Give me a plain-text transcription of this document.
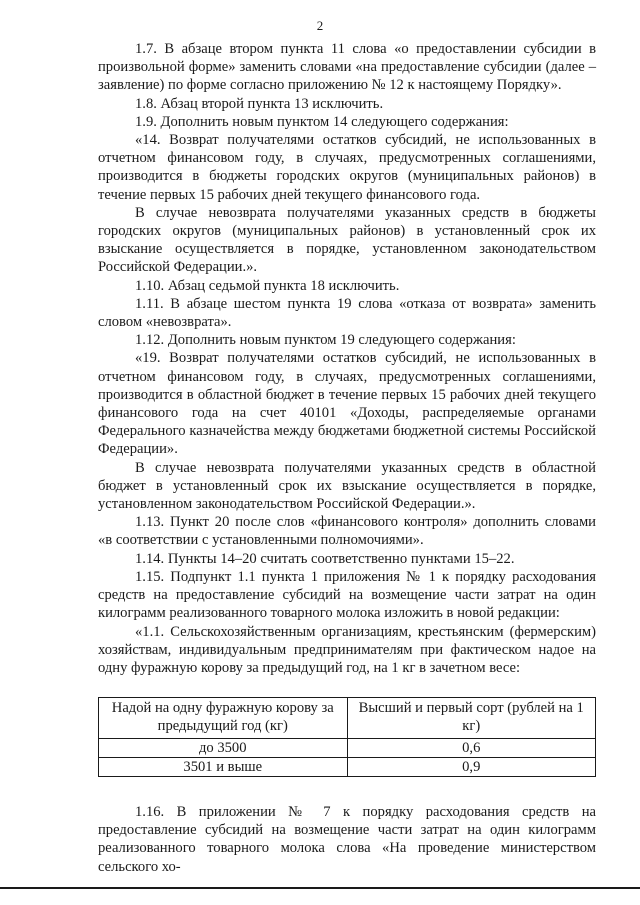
2

1.7. В абзаце втором пункта 11 слова «о предоставлении субсидии в произвольной форме» заменить словами «на предоставление субсидии (далее – заявление) по форме согласно приложению № 12 к настоящему Порядку».

1.8. Абзац второй пункта 13 исключить.

1.9. Дополнить новым пунктом 14 следующего содержания:

«14. Возврат получателями остатков субсидий, не использованных в отчетном финансовом году, в случаях, предусмотренных соглашениями, производится в бюджеты городских округов (муниципальных районов) в течение первых 15 рабочих дней текущего финансового года.

В случае невозврата получателями указанных средств в бюджеты городских округов (муниципальных районов) в установленный срок их взыскание осуществляется в порядке, установленном законодательством Российской Федерации.».

1.10. Абзац седьмой пункта 18 исключить.

1.11. В абзаце шестом пункта 19 слова «отказа от возврата» заменить словом «невозврата».

1.12. Дополнить новым пунктом 19 следующего содержания:

«19. Возврат получателями остатков субсидий, не использованных в отчетном финансовом году, в случаях, предусмотренных соглашениями, производится в областной бюджет в течение первых 15 рабочих дней текущего финансового года на счет 40101 «Доходы, распределяемые органами Федерального казначейства между бюджетами бюджетной системы Российской Федерации».

В случае невозврата получателями указанных средств в областной бюджет в установленный срок их взыскание осуществляется в порядке, установленном законодательством Российской Федерации.».

1.13. Пункт 20 после слов «финансового контроля» дополнить словами «в соответствии с установленными полномочиями».

1.14. Пункты 14–20 считать соответственно пунктами 15–22.

1.15. Подпункт 1.1 пункта 1 приложения № 1 к порядку расходования средств на предоставление субсидий на возмещение части затрат на один килограмм реализованного товарного молока изложить в новой редакции:

«1.1. Сельскохозяйственным организациям, крестьянским (фермерским) хозяйствам, индивидуальным предпринимателям при фактическом надое на одну фуражную корову за предыдущий год, на 1 кг в зачетном весе:

Надой на одну фуражную корову за предыдущий год (кг)	Высший и первый сорт (рублей на 1 кг)
до 3500	0,6
3501 и выше	0,9

1.16. В приложении № 7 к порядку расходования средств на предоставление субсидий на возмещение части затрат на один килограмм реализованного товарного молока слова «На проведение министерством сельского хо-
